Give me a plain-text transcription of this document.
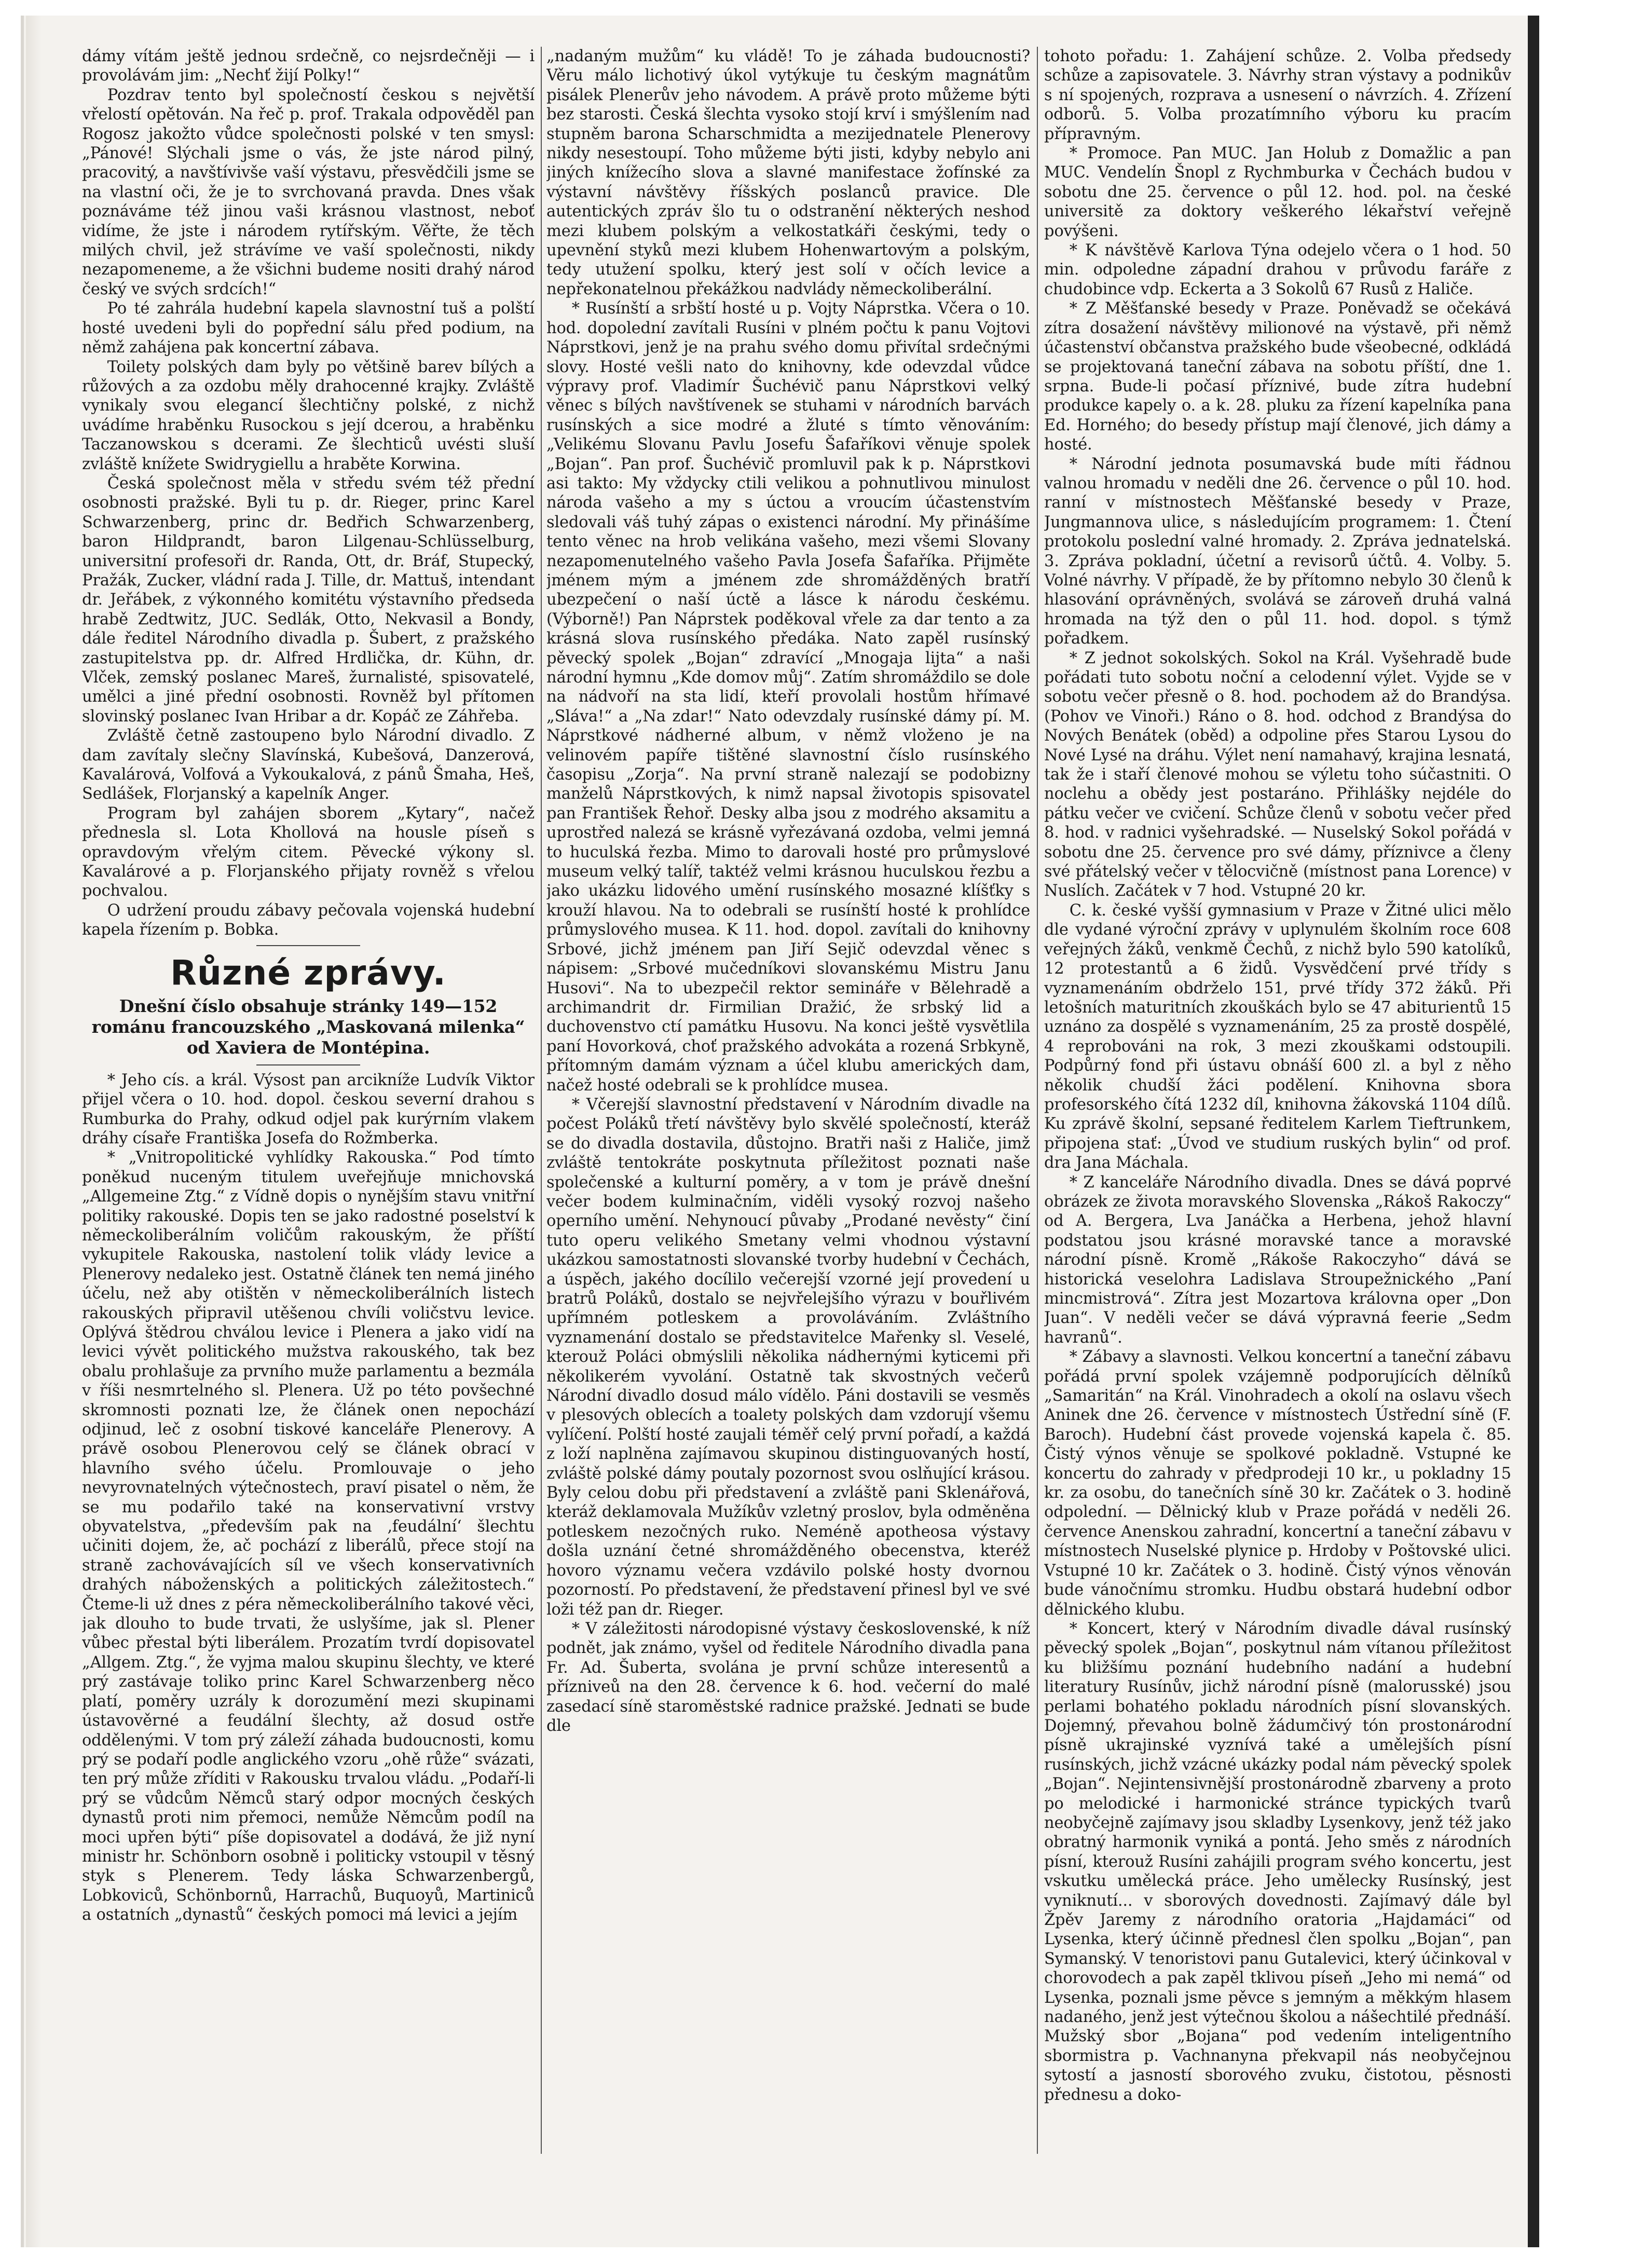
dámy vítám ještě jednou srdečně, co nejsrdečněji — i provolávám jim: „Nechť žijí Polky!“

Pozdrav tento byl společností českou s největší vřelostí opětován. Na řeč p. prof. Trakala odpověděl pan Rogosz jakožto vůdce společnosti polské v ten smysl: „Pánové! Slýchali jsme o vás, že jste národ pilný, pracovitý, a navštívivše vaší výstavu, přesvědčili jsme se na vlastní oči, že je to svrchovaná pravda. Dnes však poznáváme též jinou vaši krásnou vlastnost, neboť vidíme, že jste i národem rytířským. Věřte, že těch milých chvil, jež strávíme ve vaší společnosti, nikdy nezapomeneme, a že všichni budeme nositi drahý národ český ve svých srdcích!“

Po té zahrála hudební kapela slavnostní tuš a polští hosté uvedeni byli do popřední sálu před podium, na němž zahájena pak koncertní zábava.

Toilety polských dam byly po většině barev bílých a růžových a za ozdobu měly drahocenné krajky. Zvláště vynikaly svou elegancí šlechtičny polské, z nichž uvádíme hraběnku Rusockou s její dcerou, a hraběnku Taczanowskou s dcerami. Ze šlechticů uvésti sluší zvláště knížete Swidrygiellu a hraběte Korwina.

Česká společnost měla v středu svém též přední osobnosti pražské. Byli tu p. dr. Rieger, princ Karel Schwarzenberg, princ dr. Bedřich Schwarzenberg, baron Hildprandt, baron Lilgenau-Schlüsselburg, universitní profesoři dr. Randa, Ott, dr. Bráf, Stupecký, Pražák, Zucker, vládní rada J. Tille, dr. Mattuš, intendant dr. Jeřábek, z výkonného komitétu výstavního předseda hrabě Zedtwitz, JUC. Sedlák, Otto, Nekvasil a Bondy, dále ředitel Národního divadla p. Šubert, z pražského zastupitelstva pp. dr. Alfred Hrdlička, dr. Kühn, dr. Vlček, zemský poslanec Mareš, žurnalisté, spisovatelé, umělci a jiné přední osobnosti. Rovněž byl přítomen slovinský poslanec Ivan Hribar a dr. Kopáč ze Záhřeba.

Zvláště četně zastoupeno bylo Národní divadlo. Z dam zavítaly slečny Slavínská, Kubešová, Danzerová, Kavalárová, Volfová a Vykoukalová, z pánů Šmaha, Heš, Sedlášek, Florjanský a kapelník Anger.

Program byl zahájen sborem „Kytary“, načež přednesla sl. Lota Khollová na housle píseň s opravdovým vřelým citem. Pěvecké výkony sl. Kavalárové a p. Florjanského přijaty rovněž s vřelou pochvalou.

O udržení proudu zábavy pečovala vojenská hudební kapela řízením p. Bobka.

Různé zprávy.
Dnešní číslo obsahuje stránky 149—152 románu francouzského „Maskovaná milenka“ od Xaviera de Montépina.

* Jeho cís. a král. Výsost pan arcikníže Ludvík Viktor přijel včera o 10. hod. dopol. českou severní drahou s Rumburka do Prahy, odkud odjel pak kurýrním vlakem dráhy císaře Františka Josefa do Rožmberka.

* „Vnitropolitické vyhlídky Rakouska.“ Pod tímto poněkud nuceným titulem uveřejňuje mnichovská „Allgemeine Ztg.“ z Vídně dopis o nynějším stavu vnitřní politiky rakouské. Dopis ten se jako radostné poselství k německoliberálním voličům rakouským, že příští vykupitele Rakouska, nastolení tolik vlády levice a Plenerovy nedaleko jest. Ostatně článek ten nemá jiného účelu, než aby otištěn v německoliberálních listech rakouských připravil utěšenou chvíli voličstvu levice. Oplývá štědrou chválou levice i Plenera a jako vidí na levici vývět politického mužstva rakouského, tak bez obalu prohlašuje za prvního muže parlamentu a bezmála v říši nesmrtelného sl. Plenera. Už po této povšechné skromnosti poznati lze, že článek onen nepochází odjinud, leč z osobní tiskové kanceláře Plenerovy. A právě osobou Plenerovou celý se článek obrací v hlavního svého účelu. Promlouvaje o jeho nevyrovnatelných výtečnostech, praví pisatel o něm, že se mu podařilo také na konservativní vrstvy obyvatelstva, „především pak na ‚feudální‘ šlechtu učiniti dojem, že, ač pochází z liberálů, přece stojí na straně zachovávajících síl ve všech konservativních drahých náboženských a politických záležitostech.“ Čteme-li už dnes z péra německoliberálního takové věci, jak dlouho to bude trvati, že uslyšíme, jak sl. Plener vůbec přestal býti liberálem. Prozatím tvrdí dopisovatel „Allgem. Ztg.“, že vyjma malou skupinu šlechty, ve které prý zastávaje toliko princ Karel Schwarzenberg něco platí, poměry uzrály k dorozumění mezi skupinami ústavověrné a feudální šlechty, až dosud ostře oddělenými. V tom prý záleží záhada budoucnosti, komu prý se podaří podle anglického vzoru „ohě růže“ svázati, ten prý může zříditi v Rakousku trvalou vládu. „Podaří-li prý se vůdcům Němců starý odpor mocných českých dynastů proti nim přemoci, nemůže Němcům podíl na moci upřen býti“ píše dopisovatel a dodává, že již nyní ministr hr. Schönborn osobně i politicky vstoupil v těsný styk s Plenerem. Tedy láska Schwarzenbergů, Lobkoviců, Schönbornů, Harrachů, Buquoyů, Martiniců a ostatních „dynastů“ českých pomoci má levici a jejím

„nadaným mužům“ ku vládě! To je záhada budoucnosti? Věru málo lichotivý úkol vytýkuje tu českým magnátům pisálek Plenerův jeho návodem. A právě proto můžeme býti bez starosti. Česká šlechta vysoko stojí krví i smýšlením nad stupněm barona Scharschmidta a mezijednatele Plenerovy nikdy nesestoupí. Toho můžeme býti jisti, kdyby nebylo ani jiných knížecího slova a slavné manifestace žofínské za výstavní návštěvy říšských poslanců pravice. Dle autentických zpráv šlo tu o odstranění některých neshod mezi klubem polským a velkostatkáři českými, tedy o upevnění styků mezi klubem Hohenwartovým a polským, tedy utužení spolku, který jest solí v očích levice a nepřekonatelnou překážkou nadvlády německoliberální.

* Rusínští a srbští hosté u p. Vojty Náprstka. Včera o 10. hod. dopolední zavítali Rusíni v plném počtu k panu Vojtovi Náprstkovi, jenž je na prahu svého domu přivítal srdečnými slovy. Hosté vešli nato do knihovny, kde odevzdal vůdce výpravy prof. Vladimír Šuchévič panu Náprstkovi velký věnec s bílých navštívenek se stuhami v národních barvách rusínských a sice modré a žluté s tímto věnováním: „Velikému Slovanu Pavlu Josefu Šafaříkovi věnuje spolek „Bojan“. Pan prof. Šuchévič promluvil pak k p. Náprstkovi asi takto: My vždycky ctili velikou a pohnutlivou minulost národa vašeho a my s úctou a vroucím účastenstvím sledovali váš tuhý zápas o existenci národní. My přinášíme tento věnec na hrob velikána vašeho, mezi všemi Slovany nezapomenutelného vašeho Pavla Josefa Šafaříka. Přijměte jménem mým a jménem zde shromážděných bratří ubezpečení o naší úctě a lásce k národu českému. (Výborně!) Pan Náprstek poděkoval vřele za dar tento a za krásná slova rusínského předáka. Nato zapěl rusínský pěvecký spolek „Bojan“ zdravící „Mnogaja lijta“ a naši národní hymnu „Kde domov můj“. Zatím shromáždilo se dole na nádvoří na sta lidí, kteří provolali hostům hřímavé „Sláva!“ a „Na zdar!“ Nato odevzdaly rusínské dámy pí. M. Náprstkové nádherné album, v němž vloženo je na velinovém papíře tištěné slavnostní číslo rusínského časopisu „Zorja“. Na první straně nalezají se podobizny manželů Náprstkových, k nimž napsal životopis spisovatel pan František Řehoř. Desky alba jsou z modrého aksamitu a uprostřed nalezá se krásně vyřezávaná ozdoba, velmi jemná to huculská řezba. Mimo to darovali hosté pro průmyslové museum velký talíř, taktéž velmi krásnou huculskou řezbu a jako ukázku lidového umění rusínského mosazné klíšťky s krouží hlavou. Na to odebrali se rusínští hosté k prohlídce průmyslového musea. K 11. hod. dopol. zavítali do knihovny Srbové, jichž jménem pan Jiří Sejič odevzdal věnec s nápisem: „Srbové mučedníkovi slovanskému Mistru Janu Husovi“. Na to ubezpečil rektor semináře v Bělehradě a archimandrit dr. Firmilian Dražić, že srbský lid a duchovenstvo ctí památku Husovu. Na konci ještě vysvětlila paní Hovorková, choť pražského advokáta a rozená Srbkyně, přítomným damám význam a účel klubu amerických dam, načež hosté odebrali se k prohlídce musea.

* Včerejší slavnostní představení v Národním divadle na počest Poláků třetí návštěvy bylo skvělé společností, kteráž se do divadla dostavila, důstojno. Bratři naši z Haliče, jimž zvláště tentokráte poskytnuta příležitost poznati naše společenské a kulturní poměry, a v tom je právě dnešní večer bodem kulminačním, viděli vysoký rozvoj našeho operního umění. Nehynoucí půvaby „Prodané nevěsty“ činí tuto operu velikého Smetany velmi vhodnou výstavní ukázkou samostatnosti slovanské tvorby hudební v Čechách, a úspěch, jakého docílilo večerejší vzorné její provedení u bratrů Poláků, dostalo se nejvřelejšího výrazu v bouřlivém upřímném potleskem a provoláváním. Zvláštního vyznamenání dostalo se představitelce Mařenky sl. Veselé, kterouž Poláci obmýslili několika nádhernými kyticemi při několikerém vyvolání. Ostatně tak skvostných večerů Národní divadlo dosud málo vídělo. Páni dostavili se vesměs v plesových oblecích a toalety polských dam vzdorují všemu vylíčení. Polští hosté zaujali téměř celý první pořadí, a každá z loží naplněna zajímavou skupinou distinguovaných hostí, zvláště polské dámy poutaly pozornost svou oslňující krásou. Byly celou dobu při představení a zvláště pani Sklenářová, kteráž deklamovala Mužíkův vzletný proslov, byla odměněna potleskem nezočných ruko. Neméně apotheosa výstavy došla uznání četné shromážděného obecenstva, kteréž hovoro významu večera vzdávilo polské hosty dvornou pozorností. Po představení, že představení přinesl byl ve své loži též pan dr. Rieger.

* V záležitosti národopisné výstavy československé, k níž podnět, jak známo, vyšel od ředitele Národního divadla pana Fr. Ad. Šuberta, svolána je první schůze interesentů a přízniveů na den 28. července k 6. hod. večerní do malé zasedací síně staroměstské radnice pražské. Jednati se bude dle

tohoto pořadu: 1. Zahájení schůze. 2. Volba předsedy schůze a zapisovatele. 3. Návrhy stran výstavy a podnikův s ní spojených, rozprava a usnesení o návrzích. 4. Zřízení odborů. 5. Volba prozatímního výboru ku pracím přípravným.

* Promoce. Pan MUC. Jan Holub z Domažlic a pan MUC. Vendelín Šnopl z Rychmburka v Čechách budou v sobotu dne 25. července o půl 12. hod. pol. na české universitě za doktory veškerého lékařství veřejně povýšeni.

* K návštěvě Karlova Týna odejelo včera o 1 hod. 50 min. odpoledne západní drahou v průvodu faráře z chudobince vdp. Eckerta a 3 Sokolů 67 Rusů z Haliče.

* Z Měšťanské besedy v Praze. Poněvadž se očekává zítra dosažení návštěvy milionové na výstavě, při němž účastenství občanstva pražského bude všeobecné, odkládá se projektovaná taneční zábava na sobotu příští, dne 1. srpna. Bude-li počasí příznivé, bude zítra hudební produkce kapely o. a k. 28. pluku za řízení kapelníka pana Ed. Horného; do besedy přístup mají členové, jich dámy a hosté.

* Národní jednota posumavská bude míti řádnou valnou hromadu v neděli dne 26. července o půl 10. hod. ranní v místnostech Měšťanské besedy v Praze, Jungmannova ulice, s následujícím programem: 1. Čtení protokolu poslední valné hromady. 2. Zpráva jednatelská. 3. Zpráva pokladní, účetní a revisorů účtů. 4. Volby. 5. Volné návrhy. V případě, že by přítomno nebylo 30 členů k hlasování oprávněných, svolává se zároveň druhá valná hromada na týž den o půl 11. hod. dopol. s týmž pořadkem.

* Z jednot sokolských. Sokol na Král. Vyšehradě bude pořádati tuto sobotu noční a celodenní výlet. Vyjde se v sobotu večer přesně o 8. hod. pochodem až do Brandýsa. (Pohov ve Vinoři.) Ráno o 8. hod. odchod z Brandýsa do Nových Benátek (oběd) a odpoline přes Starou Lysou do Nové Lysé na dráhu. Výlet není namahavý, krajina lesnatá, tak že i staří členové mohou se výletu toho súčastniti. O noclehu a obědy jest postaráno. Přihlášky nejdéle do pátku večer ve cvičení. Schůze členů v sobotu večer před 8. hod. v radnici vyšehradské. — Nuselský Sokol pořádá v sobotu dne 25. července pro své dámy, příznivce a členy své přátelský večer v tělocvičně (místnost pana Lorence) v Nuslích. Začátek v 7 hod. Vstupné 20 kr.

C. k. české vyšší gymnasium v Praze v Žitné ulici mělo dle vydané výroční zprávy v uplynulém školním roce 608 veřejných žáků, venkmě Čechů, z nichž bylo 590 katolíků, 12 protestantů a 6 židů. Vysvědčení prvé třídy s vyznamenáním obdrželo 151, prvé třídy 372 žáků. Při letošních maturitních zkouškách bylo se 47 abiturientů 15 uznáno za dospělé s vyznamenáním, 25 za prostě dospělé, 4 reprobováni na rok, 3 mezi zkouškami odstoupili. Podpůrný fond při ústavu obnáší 600 zl. a byl z něho několik chudší žáci podělení. Knihovna sbora profesorského čítá 1232 díl, knihovna žákovská 1104 dílů. Ku zprávě školní, sepsané ředitelem Karlem Tieftrunkem, připojena stať: „Úvod ve studium ruských bylin“ od prof. dra Jana Máchala.

* Z kanceláře Národního divadla. Dnes se dává poprvé obrázek ze života moravského Slovenska „Rákoš Rakoczy“ od A. Bergera, Lva Janáčka a Herbena, jehož hlavní podstatou jsou krásné moravské tance a moravské národní písně. Kromě „Rákoše Rakoczyho“ dává se historická veselohra Ladislava Stroupežnického „Paní mincmistrová“. Zítra jest Mozartova královna oper „Don Juan“. V neděli večer se dává výpravná feerie „Sedm havranů“.

* Zábavy a slavnosti. Velkou koncertní a taneční zábavu pořádá první spolek vzájemně podporujících dělníků „Samaritán“ na Král. Vinohradech a okolí na oslavu všech Aninek dne 26. července v místnostech Ústřední síně (F. Baroch). Hudební část provede vojenská kapela č. 85. Čistý výnos věnuje se spolkové pokladně. Vstupné ke koncertu do zahrady v předprodeji 10 kr., u pokladny 15 kr. za osobu, do tanečních síně 30 kr. Začátek o 3. hodině odpolední. — Dělnický klub v Praze pořádá v neděli 26. července Anenskou zahradní, koncertní a taneční zábavu v místnostech Nuselské plynice p. Hrdoby v Poštovské ulici. Vstupné 10 kr. Začátek o 3. hodině. Čistý výnos věnován bude vánočnímu stromku. Hudbu obstará hudební odbor dělnického klubu.

* Koncert, který v Národním divadle dával rusínský pěvecký spolek „Bojan“, poskytnul nám vítanou příležitost ku bližšímu poznání hudebního nadání a hudební literatury Rusínův, jichž národní písně (malorusské) jsou perlami bohatého pokladu národních písní slovanských. Dojemný, převahou bolně žádumčivý tón prostonárodní písně ukrajinské vyznívá také a umělejších písní rusínských, jichž vzácné ukázky podal nám pěvecký spolek „Bojan“. Nejintensivnější prostonárodně zbarveny a proto po melodické i harmonické stránce typických tvarů neobyčejně zajímavy jsou skladby Lysenkovy, jenž též jako obratný harmonik vyniká a pontá. Jeho směs z národních písní, kterouž Rusíni zahájili program svého koncertu, jest vskutku umělecká práce. Jeho umělecky Rusínský, jest vyniknutí... v sborových dovednosti. Zajímavý dále byl Žpěv Jaremy z národního oratoria „Hajdamáci“ od Lysenka, který účinně přednesl člen spolku „Bojan“, pan Symanský. V tenoristovi panu Gutalevici, který účinkoval v chorovodech a pak zapěl tklivou píseň „Jeho mi nemá“ od Lysenka, poznali jsme pěvce s jemným a měkkým hlasem nadaného, jenž jest výtečnou školou a nášechtilé přednáší. Mužský sbor „Bojana“ pod vedením inteligentního sbormistra p. Vachnanyna překvapil nás neobyčejnou sytostí a jasností sborového zvuku, čistotou, pěsnosti přednesu a doko-
